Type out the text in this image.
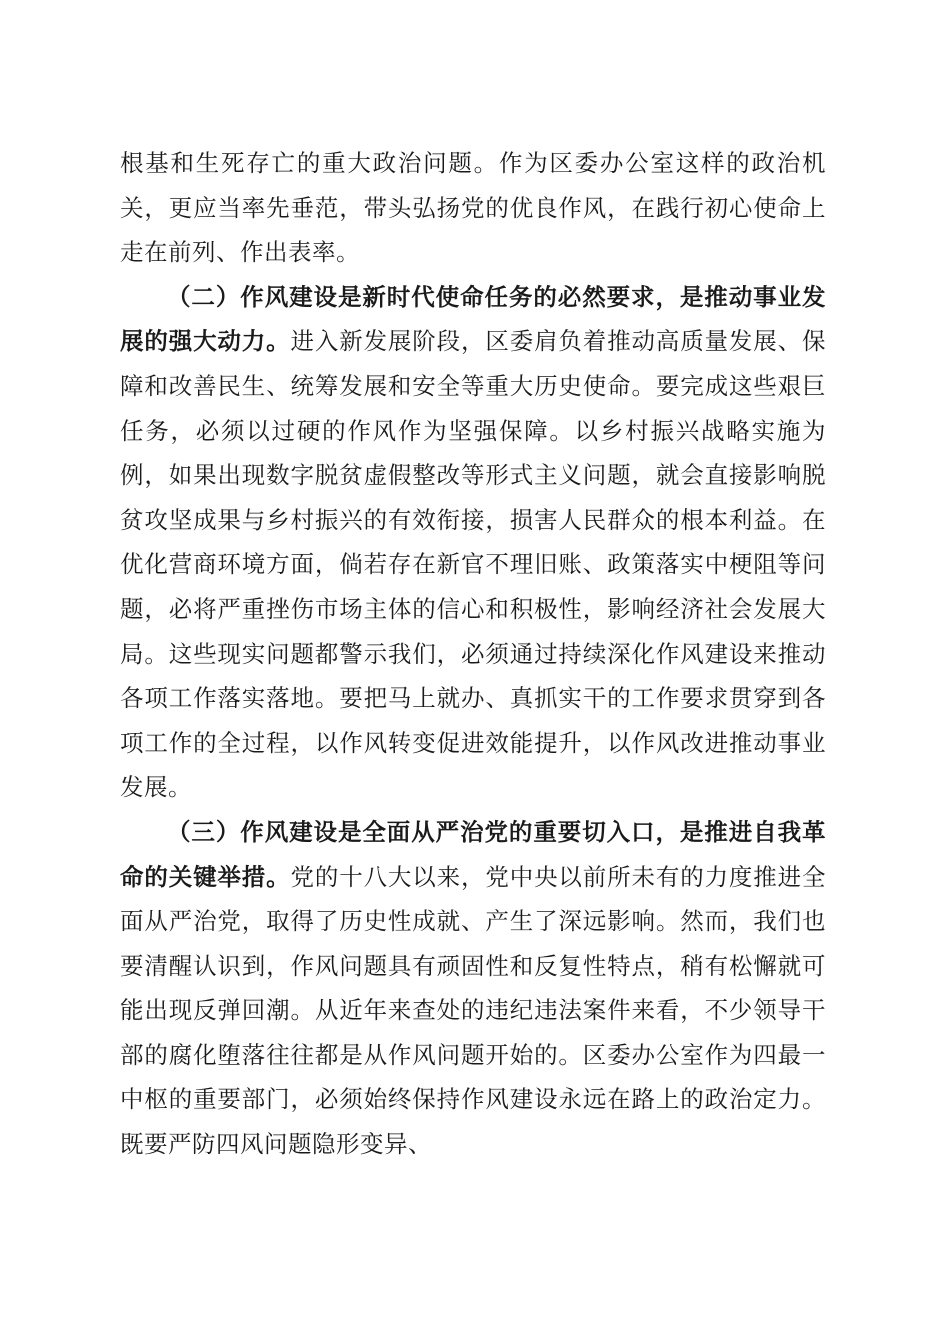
根基和生死存亡的重大政治问题。作为区委办公室这样的政治机关，更应当率先垂范，带头弘扬党的优良作风，在践行初心使命上走在前列、作出表率。

（二）作风建设是新时代使命任务的必然要求，是推动事业发展的强大动力。进入新发展阶段，区委肩负着推动高质量发展、保障和改善民生、统筹发展和安全等重大历史使命。要完成这些艰巨任务，必须以过硬的作风作为坚强保障。以乡村振兴战略实施为例，如果出现数字脱贫虚假整改等形式主义问题，就会直接影响脱贫攻坚成果与乡村振兴的有效衔接，损害人民群众的根本利益。在优化营商环境方面，倘若存在新官不理旧账、政策落实中梗阻等问题，必将严重挫伤市场主体的信心和积极性，影响经济社会发展大局。这些现实问题都警示我们，必须通过持续深化作风建设来推动各项工作落实落地。要把马上就办、真抓实干的工作要求贯穿到各项工作的全过程，以作风转变促进效能提升，以作风改进推动事业发展。

（三）作风建设是全面从严治党的重要切入口，是推进自我革命的关键举措。党的十八大以来，党中央以前所未有的力度推进全面从严治党，取得了历史性成就、产生了深远影响。然而，我们也要清醒认识到，作风问题具有顽固性和反复性特点，稍有松懈就可能出现反弹回潮。从近年来查处的违纪违法案件来看，不少领导干部的腐化堕落往往都是从作风问题开始的。区委办公室作为四最一中枢的重要部门，必须始终保持作风建设永远在路上的政治定力。既要严防四风问题隐形变异、
